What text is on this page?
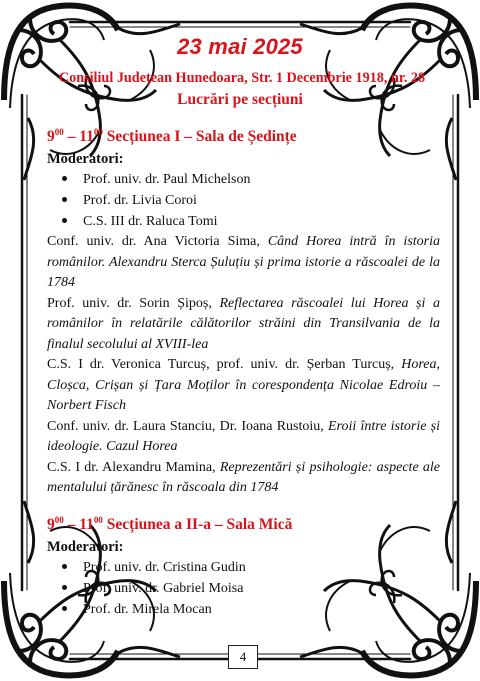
23 mai 2025
Consiliul Județean Hunedoara, Str. 1 Decembrie 1918, nr. 28
Lucrări pe secțiuni
$9^{00} - 11^{00}$ Secțiunea I – Sala de Ședințe
Moderatori:
Prof. univ. dr. Paul Michelson
Prof. dr. Livia Coroi
C.S. III dr. Raluca Tomi

Conf. univ. dr. Ana Victoria Sima, Când Horea intră în istoria românilor. Alexandru Sterca Șuluțiu și prima istorie a răscoalei de la 1784

Prof. univ. dr. Sorin Șipoș, Reflectarea răscoalei lui Horea și a românilor în relatările călătorilor străini din Transilvania de la finalul secolului al XVIII-lea

C.S. I dr. Veronica Turcuș, prof. univ. dr. Șerban Turcuș, Horea, Cloșca, Crișan și Țara Moților în corespondența Nicolae Edroiu – Norbert Fisch

Conf. univ. dr. Laura Stanciu, Dr. Ioana Rustoiu, Eroii între istorie și ideologie. Cazul Horea

C.S. I dr. Alexandru Mamina, Reprezentări și psihologie: aspecte ale mentalului țărănesc în răscoala din 1784

$9^{00} - 11^{00}$ Secțiunea a II-a – Sala Mică
Moderatori:
Prof. univ. dr. Cristina Gudin
Prof. univ. dr. Gabriel Moisa
Prof. dr. Mirela Mocan
4
